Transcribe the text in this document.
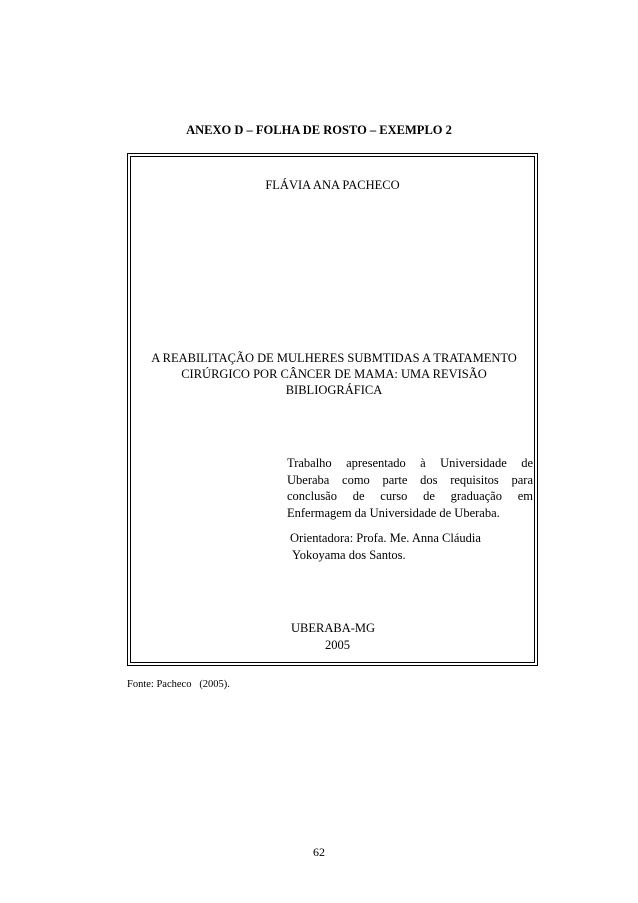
ANEXO D – FOLHA DE ROSTO – EXEMPLO 2
FLÁVIA ANA PACHECO
A REABILITAÇÃO DE MULHERES SUBMTIDAS A TRATAMENTO
CIRÚRGICO POR CÂNCER DE MAMA: UMA REVISÃO
BIBLIOGRÁFICA
Trabalho apresentado à Universidade de
Uberaba como parte dos requisitos para
conclusão de curso de graduação em
Enfermagem da Universidade de Uberaba.
Orientadora: Profa. Me. Anna Cláudia
Yokoyama dos Santos.
UBERABA-MG
2005
Fonte: Pacheco   (2005).
62
